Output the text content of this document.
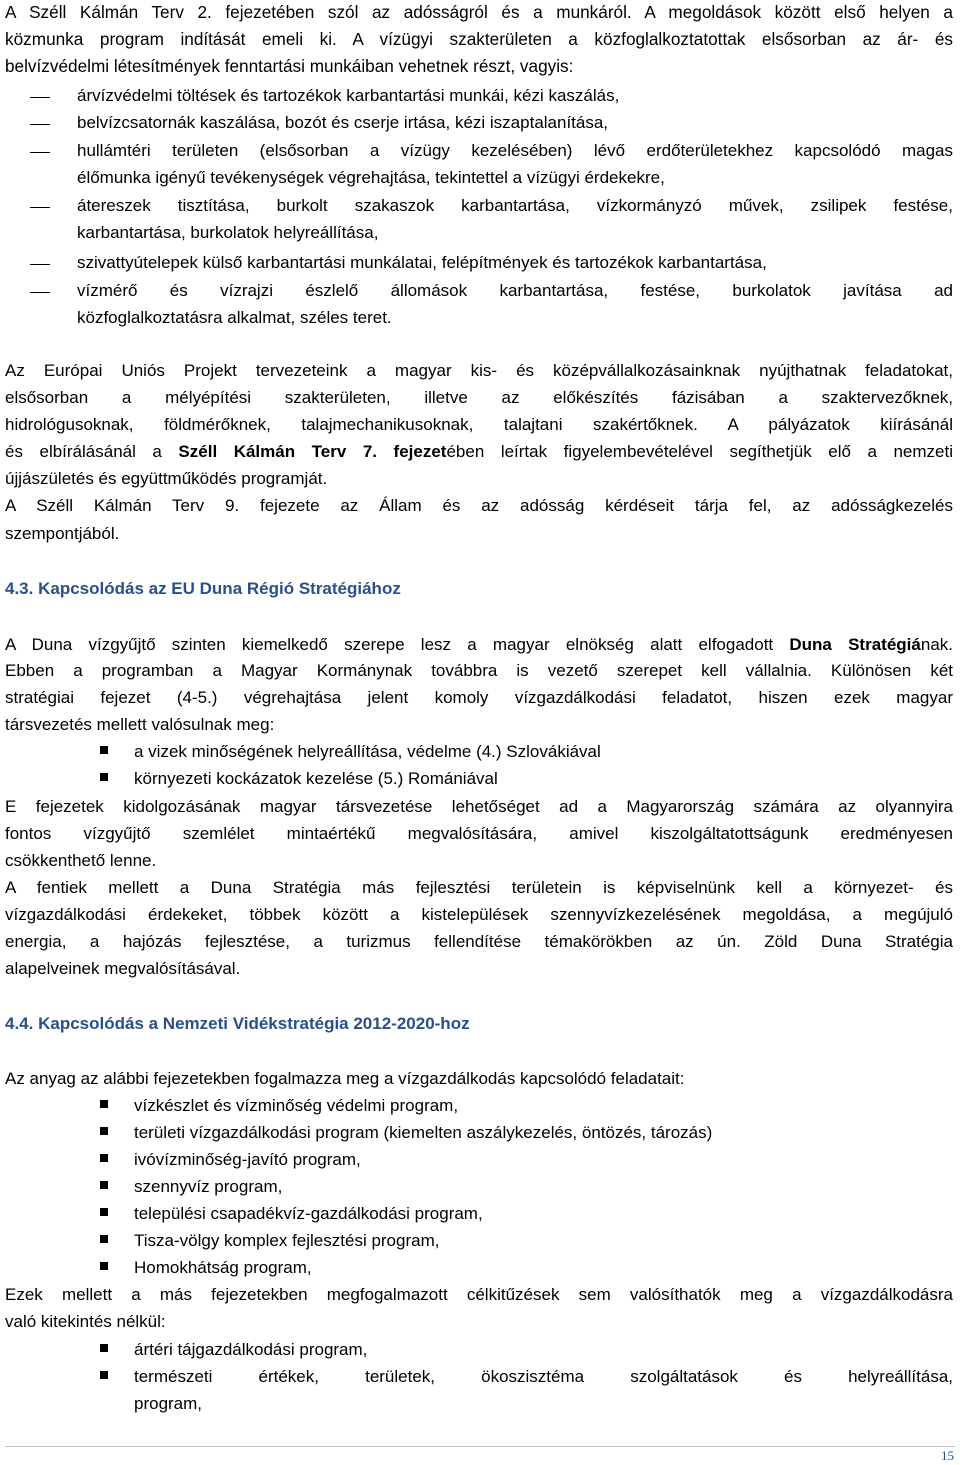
A Széll Kálmán Terv 2. fejezetében szól az adósságról és a munkáról. A megoldások között első helyen a
közmunka program indítását emeli ki. A vízügyi szakterületen a közfoglalkoztatottak elsősorban az ár- és
belvízvédelmi létesítmények fenntartási munkáiban vehetnek részt, vagyis:
árvízvédelmi töltések és tartozékok karbantartási munkái, kézi kaszálás,
belvízcsatornák kaszálása, bozót és cserje irtása, kézi iszaptalanítása,
hullámtéri területen (elsősorban a vízügy kezelésében) lévő erdőterületekhez kapcsolódó magas
élőmunka igényű tevékenységek végrehajtása, tekintettel a vízügyi érdekekre,
átereszek tisztítása, burkolt szakaszok karbantartása, vízkormányzó művek, zsilipek festése,
karbantartása, burkolatok helyreállítása,
szivattyútelepek külső karbantartási munkálatai, felépítmények és tartozékok karbantartása,
vízmérő és vízrajzi észlelő állomások karbantartása, festése, burkolatok javítása ad
közfoglalkoztatásra alkalmat, széles teret.
Az Európai Uniós Projekt tervezeteink a magyar kis- és középvállalkozásainknak nyújthatnak feladatokat,
elsősorban a mélyépítési szakterületen, illetve az előkészítés fázisában a szaktervezőknek,
hidrológusoknak, földmérőknek, talajmechanikusoknak, talajtani szakértőknek. A pályázatok kiírásánál
és elbírálásánál a Széll Kálmán Terv 7. fejezetében leírtak figyelembevételével segíthetjük elő a nemzeti
újjászületés és együttműködés programját.
A Széll Kálmán Terv 9. fejezete az Állam és az adósság kérdéseit tárja fel, az adósságkezelés
szempontjából.
4.3. Kapcsolódás az EU Duna Régió Stratégiához
A Duna vízgyűjtő szinten kiemelkedő szerepe lesz a magyar elnökség alatt elfogadott Duna Stratégiának.
Ebben a programban a Magyar Kormánynak továbbra is vezető szerepet kell vállalnia. Különösen két
stratégiai fejezet (4-5.) végrehajtása jelent komoly vízgazdálkodási feladatot, hiszen ezek magyar
társvezetés mellett valósulnak meg:
a vizek minőségének helyreállítása, védelme (4.) Szlovákiával
környezeti kockázatok kezelése (5.) Romániával
E fejezetek kidolgozásának magyar társvezetése lehetőséget ad a Magyarország számára az olyannyira
fontos vízgyűjtő szemlélet mintaértékű megvalósítására, amivel kiszolgáltatottságunk eredményesen
csökkenthető lenne.
A fentiek mellett a Duna Stratégia más fejlesztési területein is képviselnünk kell a környezet- és
vízgazdálkodási érdekeket, többek között a kistelepülések szennyvízkezelésének megoldása, a megújuló
energia, a hajózás fejlesztése, a turizmus fellendítése témakörökben az ún. Zöld Duna Stratégia
alapelveinek megvalósításával.
4.4. Kapcsolódás a Nemzeti Vidékstratégia 2012-2020-hoz
Az anyag az alábbi fejezetekben fogalmazza meg a vízgazdálkodás kapcsolódó feladatait:
vízkészlet és vízminőség védelmi program,
területi vízgazdálkodási program (kiemelten aszálykezelés, öntözés, tározás)
ivóvízminőség-javító program,
szennyvíz program,
települési csapadékvíz-gazdálkodási program,
Tisza-völgy komplex fejlesztési program,
Homokhátság program,
Ezek mellett a más fejezetekben megfogalmazott célkitűzések sem valósíthatók meg a vízgazdálkodásra
való kitekintés nélkül:
ártéri tájgazdálkodási program,
természeti értékek, területek, ökoszisztéma szolgáltatások és helyreállítása,
program,
15
